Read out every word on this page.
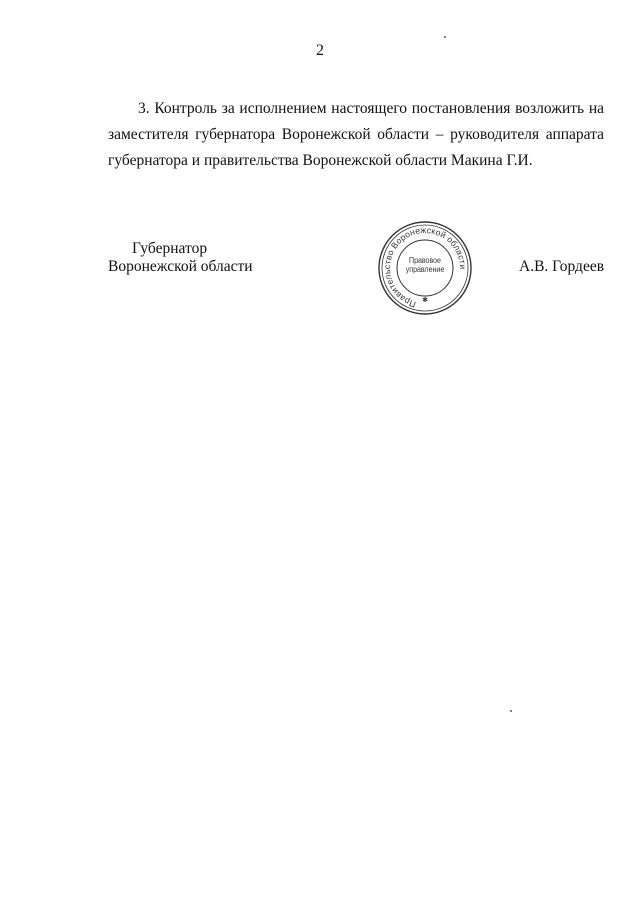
2

3. Контроль за исполнением настоящего постановления возложить на заместителя губернатора Воронежской области – руководителя аппарата губернатора и правительства Воронежской области Макина Г.И.

Губернатор
Воронежской области
Правительство Воронежской области
✱
Правовое
управление	А.В. Гордеев
